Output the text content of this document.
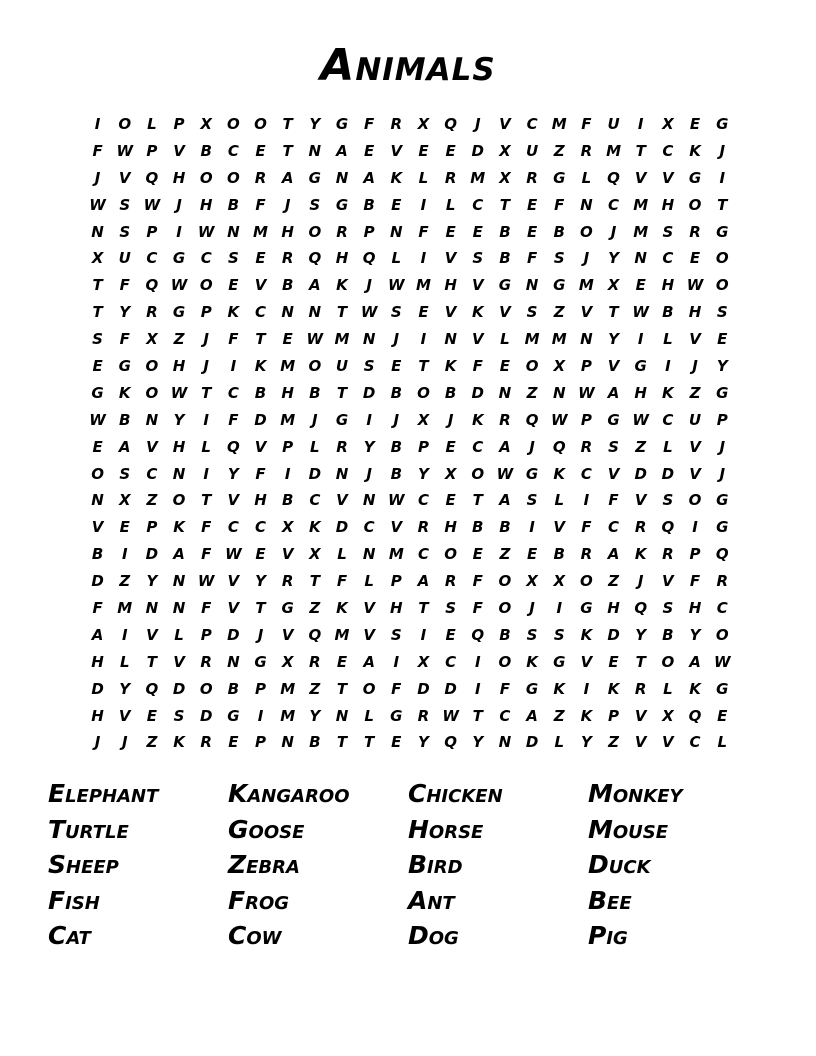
Animals
I	O	L	P	X	O	O	T	Y	G	F	R	X	Q	J	V	C	M	F	U	I	X	E	G
F	W	P	V	B	C	E	T	N	A	E	V	E	E	D	X	U	Z	R	M	T	C	K	J
J	V	Q	H	O	O	R	A	G	N	A	K	L	R	M	X	R	G	L	Q	V	V	G	I
W	S	W	J	H	B	F	J	S	G	B	E	I	L	C	T	E	F	N	C	M	H	O	T
N	S	P	I	W	N	M	H	O	R	P	N	F	E	E	B	E	B	O	J	M	S	R	G
X	U	C	G	C	S	E	R	Q	H	Q	L	I	V	S	B	F	S	J	Y	N	C	E	O
T	F	Q	W	O	E	V	B	A	K	J	W	M	H	V	G	N	G	M	X	E	H	W	O
T	Y	R	G	P	K	C	N	N	T	W	S	E	V	K	V	S	Z	V	T	W	B	H	S
S	F	X	Z	J	F	T	E	W	M	N	J	I	N	V	L	M	M	N	Y	I	L	V	E
E	G	O	H	J	I	K	M	O	U	S	E	T	K	F	E	O	X	P	V	G	I	J	Y
G	K	O	W	T	C	B	H	B	T	D	B	O	B	D	N	Z	N	W	A	H	K	Z	G
W	B	N	Y	I	F	D	M	J	G	I	J	X	J	K	R	Q	W	P	G	W	C	U	P
E	A	V	H	L	Q	V	P	L	R	Y	B	P	E	C	A	J	Q	R	S	Z	L	V	J
O	S	C	N	I	Y	F	I	D	N	J	B	Y	X	O	W	G	K	C	V	D	D	V	J
N	X	Z	O	T	V	H	B	C	V	N	W	C	E	T	A	S	L	I	F	V	S	O	G
V	E	P	K	F	C	C	X	K	D	C	V	R	H	B	B	I	V	F	C	R	Q	I	G
B	I	D	A	F	W	E	V	X	L	N	M	C	O	E	Z	E	B	R	A	K	R	P	Q
D	Z	Y	N	W	V	Y	R	T	F	L	P	A	R	F	O	X	X	O	Z	J	V	F	R
F	M	N	N	F	V	T	G	Z	K	V	H	T	S	F	O	J	I	G	H	Q	S	H	C
A	I	V	L	P	D	J	V	Q	M	V	S	I	E	Q	B	S	S	K	D	Y	B	Y	O
H	L	T	V	R	N	G	X	R	E	A	I	X	C	I	O	K	G	V	E	T	O	A	W
D	Y	Q	D	O	B	P	M	Z	T	O	F	D	D	I	F	G	K	I	K	R	L	K	G
H	V	E	S	D	G	I	M	Y	N	L	G	R	W	T	C	A	Z	K	P	V	X	Q	E
J	J	Z	K	R	E	P	N	B	T	T	E	Y	Q	Y	N	D	L	Y	Z	V	V	C	L
Elephant	Kangaroo	Chicken	Monkey
Turtle	Goose	Horse	Mouse
Sheep	Zebra	Bird	Duck
Fish	Frog	Ant	Bee
Cat	Cow	Dog	Pig
